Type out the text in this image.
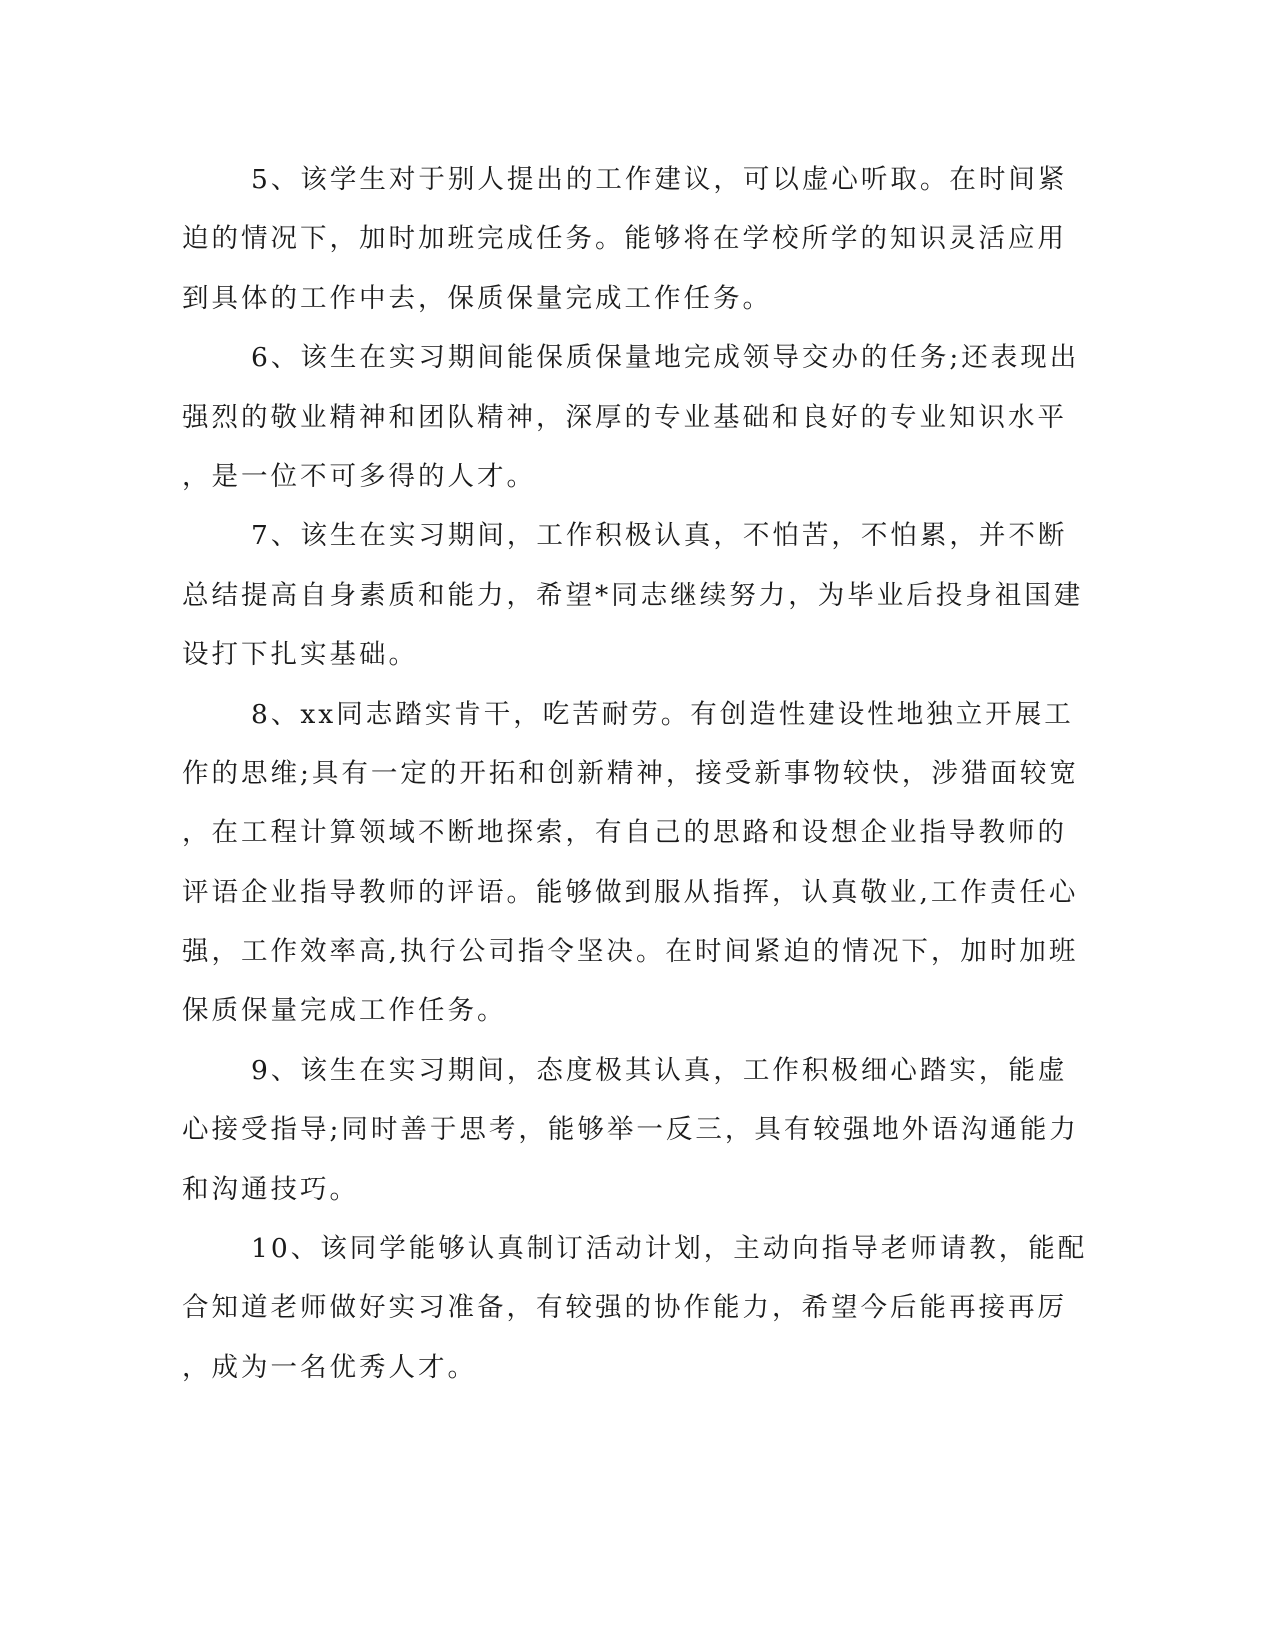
5、该学生对于别人提出的工作建议，可以虚心听取。在时间紧
迫的情况下，加时加班完成任务。能够将在学校所学的知识灵活应用
到具体的工作中去，保质保量完成工作任务。
6、该生在实习期间能保质保量地完成领导交办的任务;还表现出
强烈的敬业精神和团队精神，深厚的专业基础和良好的专业知识水平
，是一位不可多得的人才。
7、该生在实习期间，工作积极认真，不怕苦，不怕累，并不断
总结提高自身素质和能力，希望*同志继续努力，为毕业后投身祖国建
设打下扎实基础。
8、xx同志踏实肯干，吃苦耐劳。有创造性建设性地独立开展工
作的思维;具有一定的开拓和创新精神，接受新事物较快，涉猎面较宽
，在工程计算领域不断地探索，有自己的思路和设想企业指导教师的
评语企业指导教师的评语。能够做到服从指挥，认真敬业,工作责任心
强，工作效率高,执行公司指令坚决。在时间紧迫的情况下，加时加班
保质保量完成工作任务。
9、该生在实习期间，态度极其认真，工作积极细心踏实，能虚
心接受指导;同时善于思考，能够举一反三，具有较强地外语沟通能力
和沟通技巧。
10、该同学能够认真制订活动计划，主动向指导老师请教，能配
合知道老师做好实习准备，有较强的协作能力，希望今后能再接再厉
，成为一名优秀人才。
